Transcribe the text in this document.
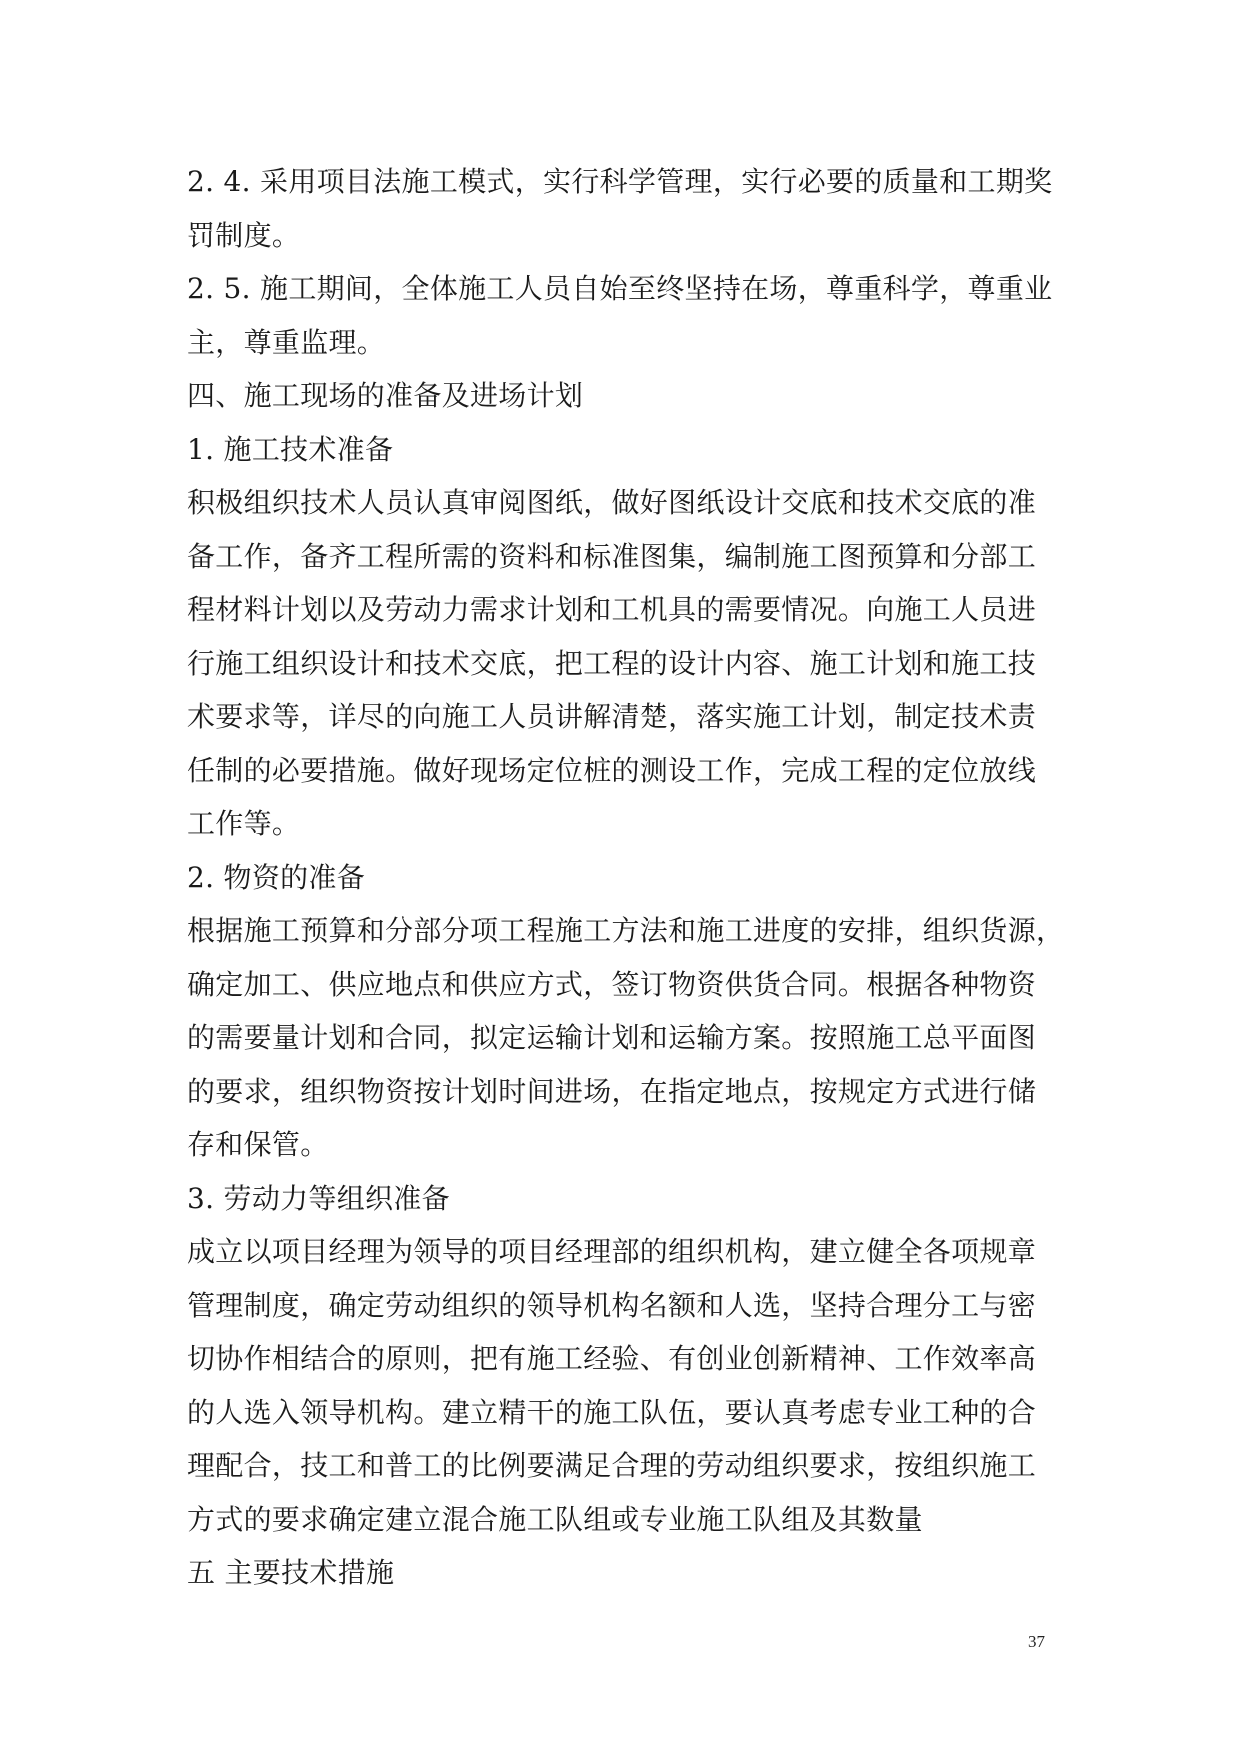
2. 4. 采用项目法施工模式，实行科学管理，实行必要的质量和工期奖
罚制度。
2. 5. 施工期间，全体施工人员自始至终坚持在场，尊重科学，尊重业
主，尊重监理。
四、施工现场的准备及进场计划
1. 施工技术准备
积极组织技术人员认真审阅图纸，做好图纸设计交底和技术交底的准
备工作，备齐工程所需的资料和标准图集，编制施工图预算和分部工
程材料计划以及劳动力需求计划和工机具的需要情况。向施工人员进
行施工组织设计和技术交底，把工程的设计内容、施工计划和施工技
术要求等，详尽的向施工人员讲解清楚，落实施工计划，制定技术责
任制的必要措施。做好现场定位桩的测设工作，完成工程的定位放线
工作等。
2. 物资的准备
根据施工预算和分部分项工程施工方法和施工进度的安排，组织货源，
确定加工、供应地点和供应方式，签订物资供货合同。根据各种物资
的需要量计划和合同，拟定运输计划和运输方案。按照施工总平面图
的要求，组织物资按计划时间进场，在指定地点，按规定方式进行储
存和保管。
3. 劳动力等组织准备
成立以项目经理为领导的项目经理部的组织机构，建立健全各项规章
管理制度，确定劳动组织的领导机构名额和人选，坚持合理分工与密
切协作相结合的原则，把有施工经验、有创业创新精神、工作效率高
的人选入领导机构。建立精干的施工队伍，要认真考虑专业工种的合
理配合，技工和普工的比例要满足合理的劳动组织要求，按组织施工
方式的要求确定建立混合施工队组或专业施工队组及其数量
五 主要技术措施
37
